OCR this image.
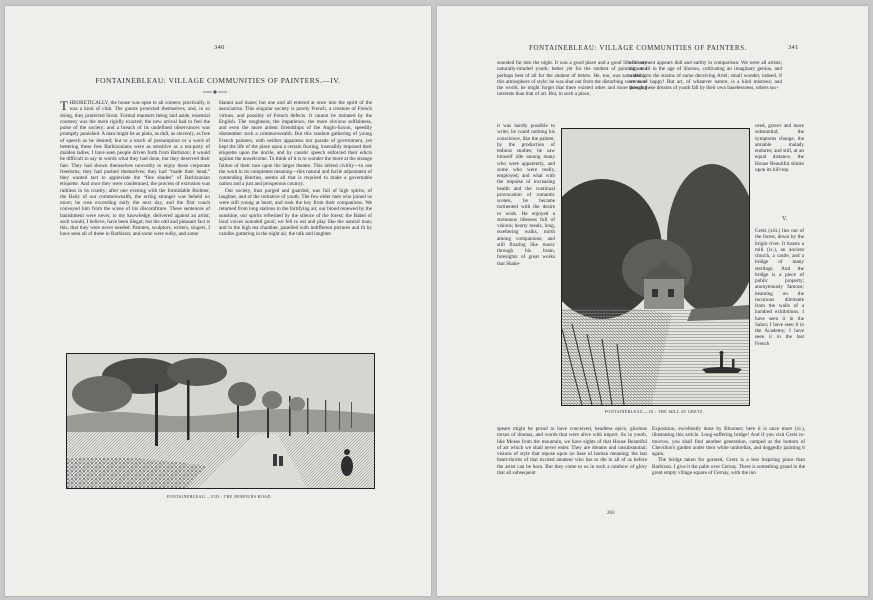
340
FONTAINEBLEAU: VILLAGE COMMUNITIES OF PAINTERS.—IV.

THEORETICALLY, the house was open to all comers; practically, it was a kind of club. The guests protected themselves, and, in so doing, they protected Siron. Formal manners being laid aside, essential courtesy was the more rigidly exacted; the new arrival had to feel the pulse of the society; and a breach of its undefined observances was promptly punished. A man might be as plain, as dull, as slovenly, as free of speech as he desired; but to a touch of presumption or a word of bettering these free Barbizonians were as sensitive as a tea-party of maiden ladies. I have seen people driven forth from Barbizon; it would be difficult to say in words what they had done, but they deserved their fate. They had shown themselves unworthy to enjoy these corporate freedoms; they had pushed themselves; they had “made their head;” they wanted tact to appreciate the “fine shades” of Barbizonian etiquette. And once they were condemned, the process of extrusion was ruthless in its cruelty; after one evening with the formidable Bodmer, the Baily of our commonwealth, the erring stranger was beheld no more; he rose exceeding early the next day, and the first coach conveyed him from the scene of his discomfiture. These sentences of banishment were never, to my knowledge, delivered against an artist; such would, I believe, have been illegal; but the odd and pleasant fact is this, that they were never needed. Painters, sculptors, writers, singers, I have seen all of these in Barbizon; and some were sulky, and some

blatant and inane; but one and all entered at once into the spirit of the association. This singular society is purely French, a creature of French virtues, and possibly of French defects. It cannot be imitated by the English. The roughness, the impatience, the more obvious selfishness, and even the more ardent friendships of the Anglo-Saxon, speedily dismember such a commonwealth. But this random gathering of young French painters, with neither apparatus nor parade of government, yet kept the life of the place upon a certain footing, insensibly imposed their etiquette upon the docile, and by caustic speech enforced their edicts against the unwelcome. To think of it is to wonder the more at the strange failure of their race upon the larger theatre. This inbred civility—to use the word in its completest meaning—this natural and facile adjustment of contending liberties, seems all that is required to make a governable nation and a just and prosperous country.

Our society, thus purged and guarded, was full of high spirits, of laughter, and of the initiative of youth. The few elder men who joined us were still young at heart, and took the key from their companions. We returned from long stations in the fortifying air, our blood renewed by the sunshine, our spirits refreshed by the silence of the forest; the Babel of loud voices sounded good; we fell to eat and play like the natural man; and in the high tea chamber, panelled with indifferent pictures and lit by candles guttering in the night air, the talk and laughter

FONTAINEBLEAU.—VIII.: THE NEMOURS ROAD.
FONTAINEBLEAU: VILLAGE COMMUNITIES OF PAINTERS.	341

sounded far into the night. It was a good place and a good life for any naturally-minded youth; better yet for the student of painting, and perhaps best of all for the student of letters. He, too, was saturated in this atmosphere of style; he was shut out from the disturbing currents of the world, he might forget that there existed other and more pressing interests than that of art. But, in such a place,

it was hardly possible to write; he could nothing his conscience, like the painter, by the production of tedious studies; he saw himself idle among many who were apparently, and some who were really, employed; and what with the impulse of increasing health and the continual provocation of romantic scenes, he became tormented with the desire to work. He enjoyed a strenuous idleness full of visions; hearty meals, long, sweltering walks, mirth among companions; and still floating like music through his brain, foresights of great works that Shake-

speare might be proud to have conceived, headless epics, glorious torsos of dramas, and words that were alive with import. So in youth, like Moses from the mountain, we have sights of that House Beautiful of art which we shall never enter. They are dreams and unsubstantial; visions of style that repose upon no base of human meaning; the last heart-throbs of that excited amateur who has to die in all of us before the artist can be born. But they come to us in such a rainbow of glory that all subsequent

achievement appears dull and earthy in comparison. We were all artists; almost all in the age of illusion, cultivating an imaginary genius, and walking to the strains of some deceiving Ariel; small wonder, indeed, if we were happy! But art, of whatever nature, is a kind mistress; and though these dreams of youth fall by their own baselessness, others suc-

ceed, graver and more substantial; the symptoms change, the amiable malady endures; and still, at an equal distance, the House Beautiful shines upon its hill-top.

V.

Gretz (xiii.) lies out of the forest, down by the bright river. It boasts a mill (ix.), an ancient church, a castle, and a bridge of many sterlings. And the bridge is a piece of public property; anonymously famous; beaming on the incurious dilettante from the walls of a hundred exhibitions. I have seen it in the Salon; I have seen it in the Academy; I have seen it in the last French

Exposition, excellently done by Bloomer; here it is once more (xi.), illustrating this article. Long-suffering bridge! And if you visit Gretz to-morrow, you shall find another generation, camped at the bottom of Chevillon's garden under their white umbrellas, and doggedly painting it again.

The bridge taken for granted, Gretz is a less inspiring place than Barbizon. I give it the palm over Cernay. There is something grand in the great empty village square of Cernay, with the inn

FONTAINEBLEAU.—IX.: THE MILL AT GRETZ.
263
